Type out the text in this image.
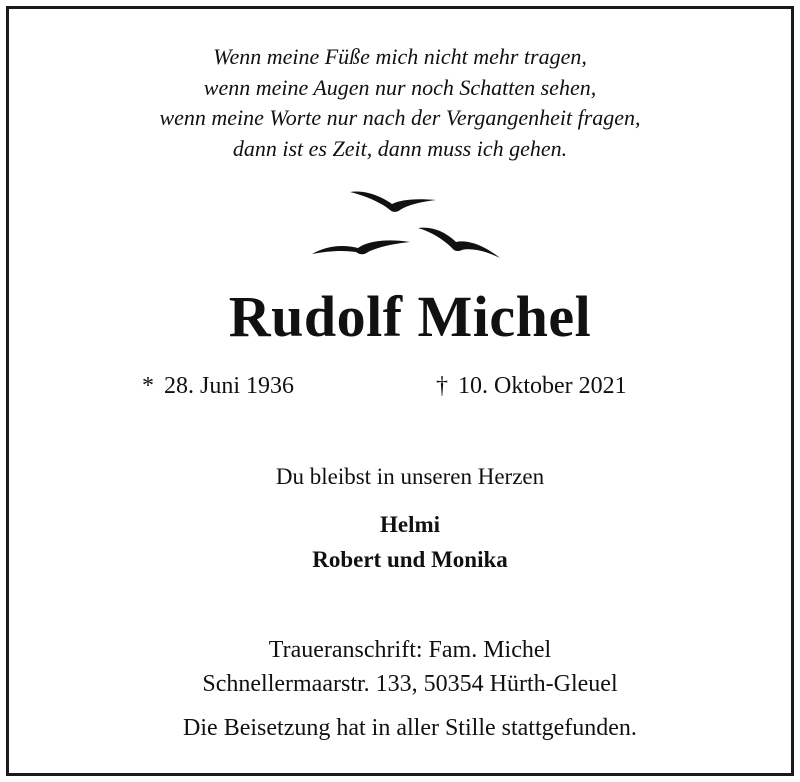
Wenn meine Füße mich nicht mehr tragen,
wenn meine Augen nur noch Schatten sehen,
wenn meine Worte nur nach der Vergangenheit fragen,
dann ist es Zeit, dann muss ich gehen.
Rudolf Michel
* 28. Juni 1936	† 10. Oktober 2021
Du bleibst in unseren Herzen
Helmi
Robert und Monika
Traueranschrift: Fam. Michel
Schnellermaarstr. 133, 50354 Hürth-Gleuel
Die Beisetzung hat in aller Stille stattgefunden.
